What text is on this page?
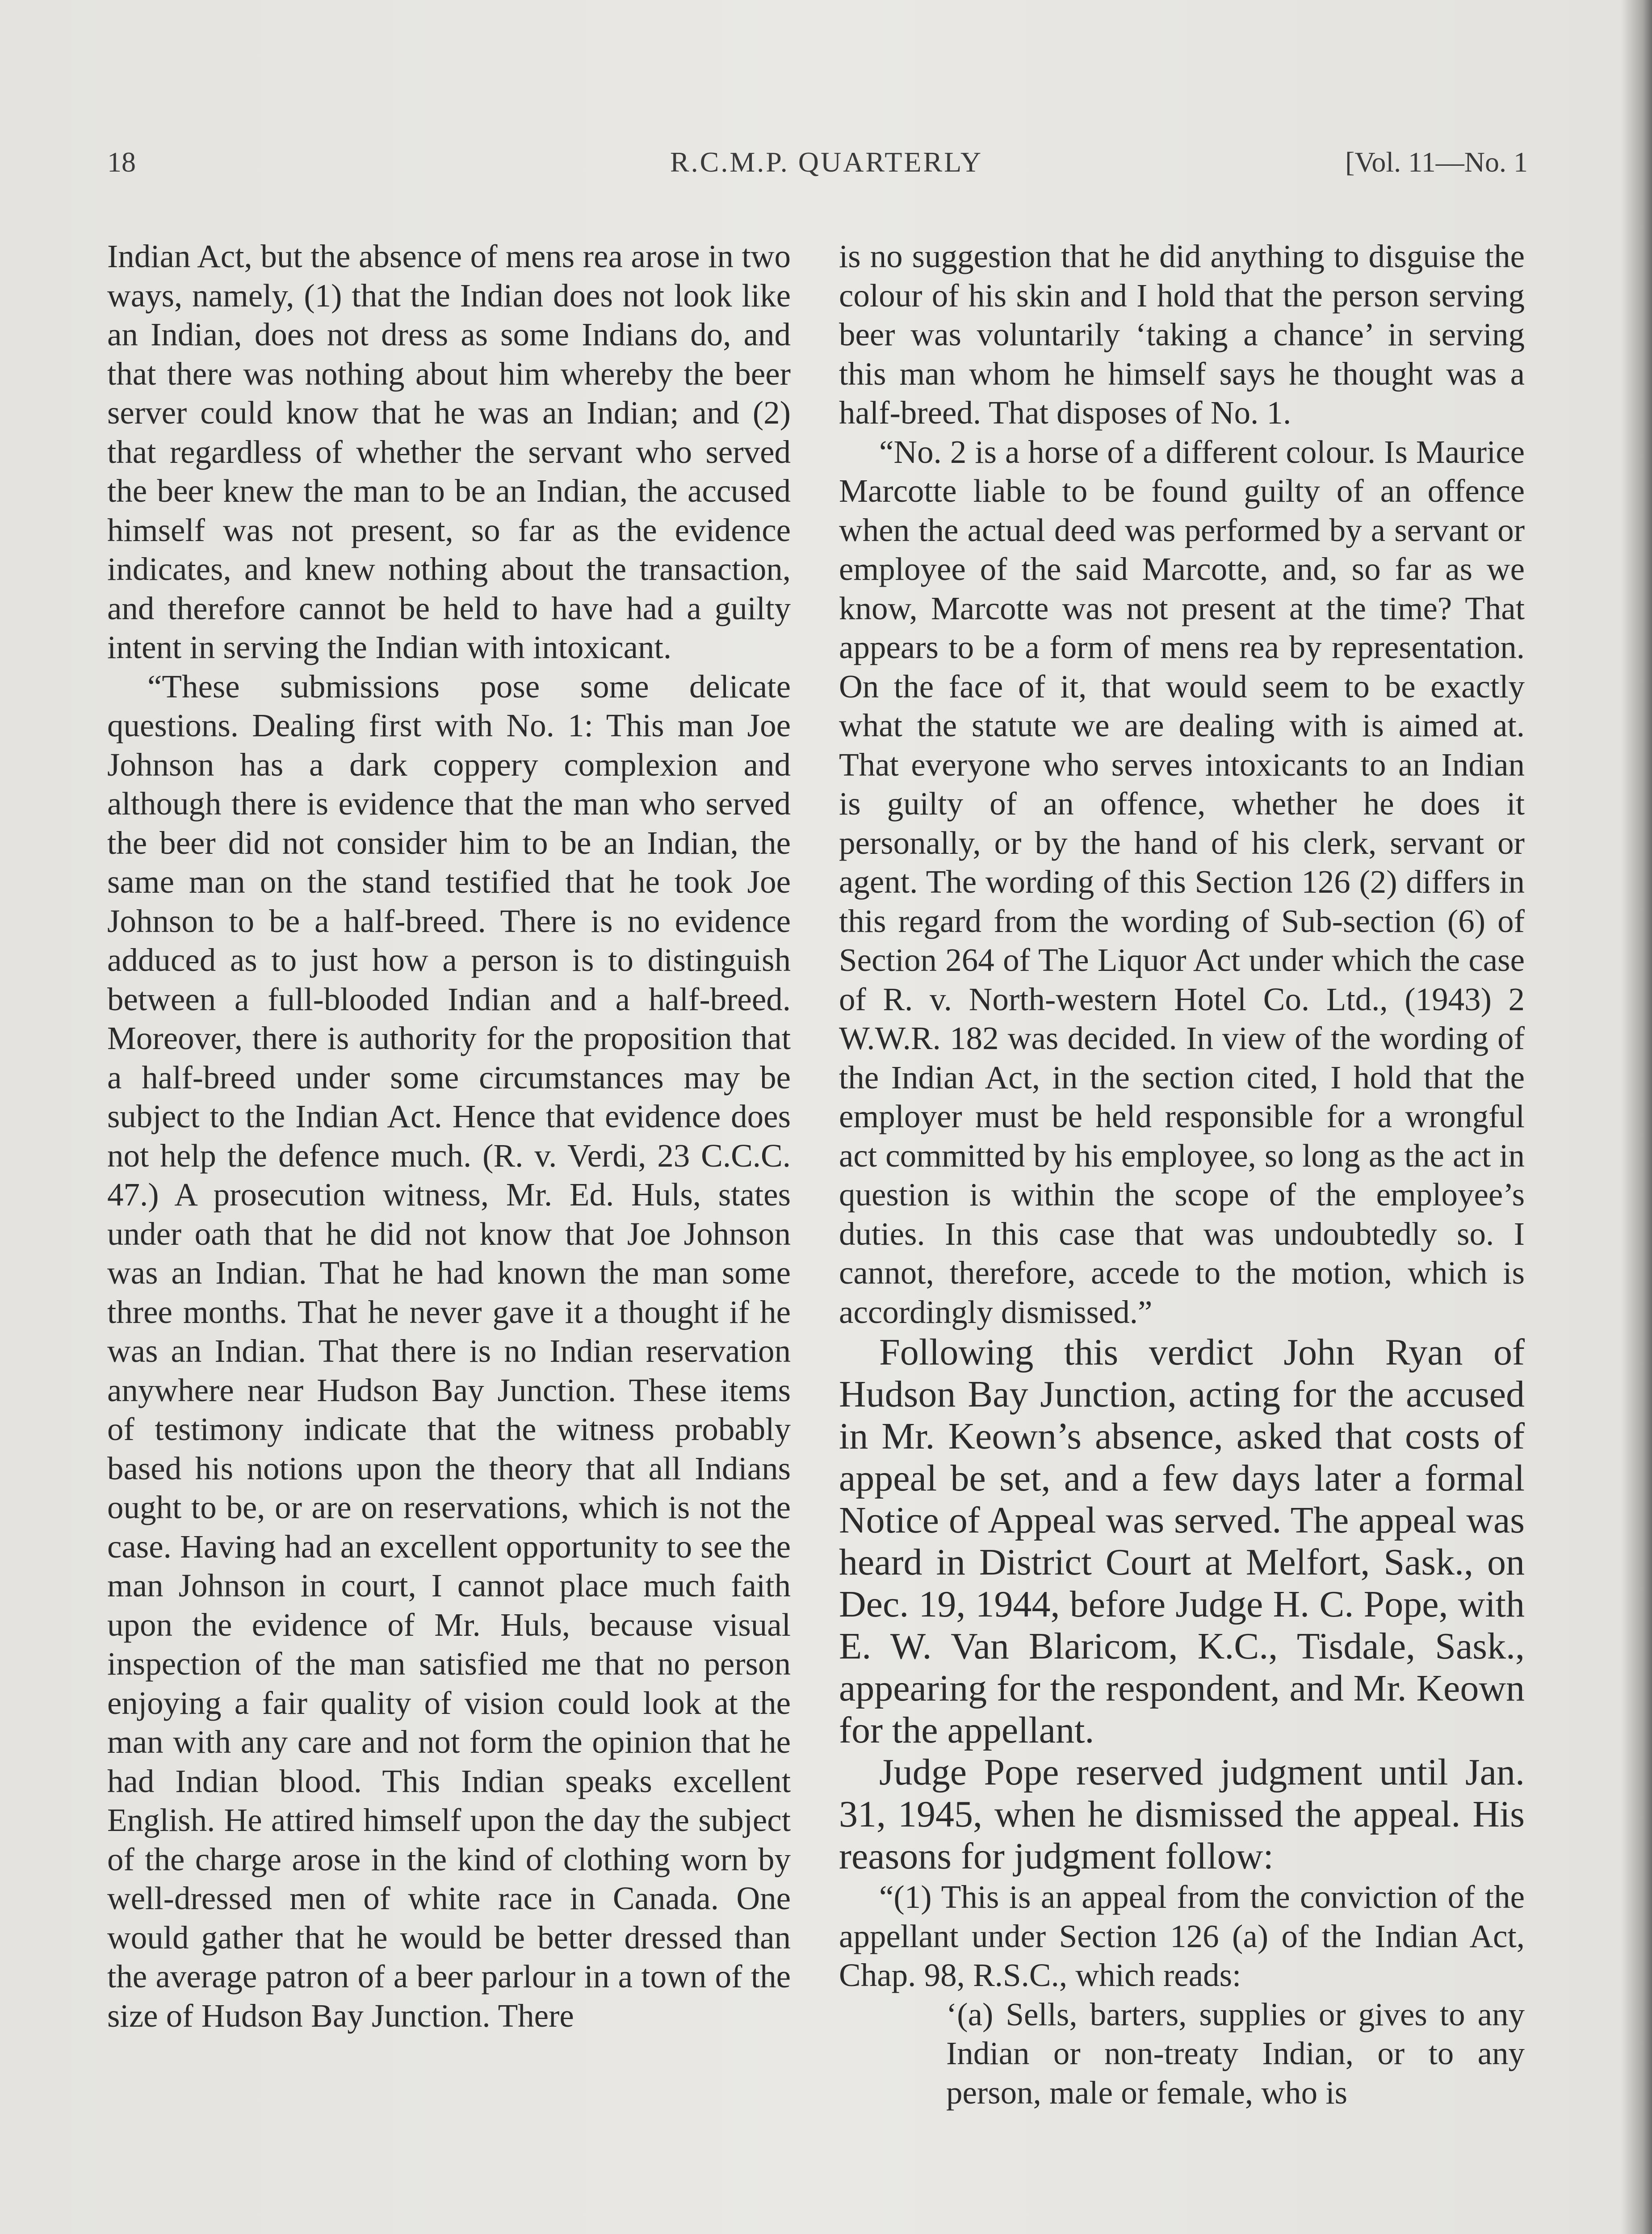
18	R.C.M.P. QUARTERLY	[Vol. 11—No. 1

Indian Act, but the absence of mens rea arose in two ways, namely, (1) that the Indian does not look like an Indian, does not dress as some Indians do, and that there was nothing about him whereby the beer server could know that he was an Indian; and (2) that regardless of whether the servant who served the beer knew the man to be an Indian, the accused himself was not present, so far as the evidence indicates, and knew nothing about the transaction, and therefore cannot be held to have had a guilty intent in serving the Indian with intoxicant.

“These submissions pose some delicate questions. Dealing first with No. 1: This man Joe Johnson has a dark coppery complexion and although there is evidence that the man who served the beer did not consider him to be an Indian, the same man on the stand testified that he took Joe Johnson to be a half-breed. There is no evidence adduced as to just how a person is to distinguish between a full-blooded Indian and a half-breed. Moreover, there is authority for the proposition that a half-breed under some circumstances may be subject to the Indian Act. Hence that evidence does not help the defence much. (R. v. Verdi, 23 C.C.C. 47.) A prosecution witness, Mr. Ed. Huls, states under oath that he did not know that Joe Johnson was an Indian. That he had known the man some three months. That he never gave it a thought if he was an Indian. That there is no Indian reservation anywhere near Hudson Bay Junction. These items of testimony indicate that the witness probably based his notions upon the theory that all Indians ought to be, or are on reservations, which is not the case. Having had an excellent opportunity to see the man Johnson in court, I cannot place much faith upon the evidence of Mr. Huls, because visual inspection of the man satisfied me that no person enjoying a fair quality of vision could look at the man with any care and not form the opinion that he had Indian blood. This Indian speaks excellent English. He attired himself upon the day the subject of the charge arose in the kind of clothing worn by well-dressed men of white race in Canada. One would gather that he would be better dressed than the average patron of a beer parlour in a town of the size of Hudson Bay Junction. There

is no suggestion that he did anything to disguise the colour of his skin and I hold that the person serving beer was voluntarily ‘taking a chance’ in serving this man whom he himself says he thought was a half-breed. That disposes of No. 1.

“No. 2 is a horse of a different colour. Is Maurice Marcotte liable to be found guilty of an offence when the actual deed was performed by a servant or employee of the said Marcotte, and, so far as we know, Marcotte was not present at the time? That appears to be a form of mens rea by representation. On the face of it, that would seem to be exactly what the statute we are dealing with is aimed at. That everyone who serves intoxicants to an Indian is guilty of an offence, whether he does it personally, or by the hand of his clerk, servant or agent. The wording of this Section 126 (2) differs in this regard from the wording of Sub-section (6) of Section 264 of The Liquor Act under which the case of R. v. North-western Hotel Co. Ltd., (1943) 2 W.W.R. 182 was decided. In view of the wording of the Indian Act, in the section cited, I hold that the employer must be held responsible for a wrongful act committed by his employee, so long as the act in question is within the scope of the employee’s duties. In this case that was undoubtedly so. I cannot, therefore, accede to the motion, which is accordingly dismissed.”

Following this verdict John Ryan of Hudson Bay Junction, acting for the accused in Mr. Keown’s absence, asked that costs of appeal be set, and a few days later a formal Notice of Appeal was served. The appeal was heard in District Court at Melfort, Sask., on Dec. 19, 1944, before Judge H. C. Pope, with E. W. Van Blaricom, K.C., Tisdale, Sask., appearing for the respondent, and Mr. Keown for the appellant.

Judge Pope reserved judgment until Jan. 31, 1945, when he dismissed the appeal. His reasons for judgment follow:

“(1) This is an appeal from the conviction of the appellant under Section 126 (a) of the Indian Act, Chap. 98, R.S.C., which reads:

‘(a) Sells, barters, supplies or gives to any Indian or non-treaty Indian, or to any person, male or female, who is
